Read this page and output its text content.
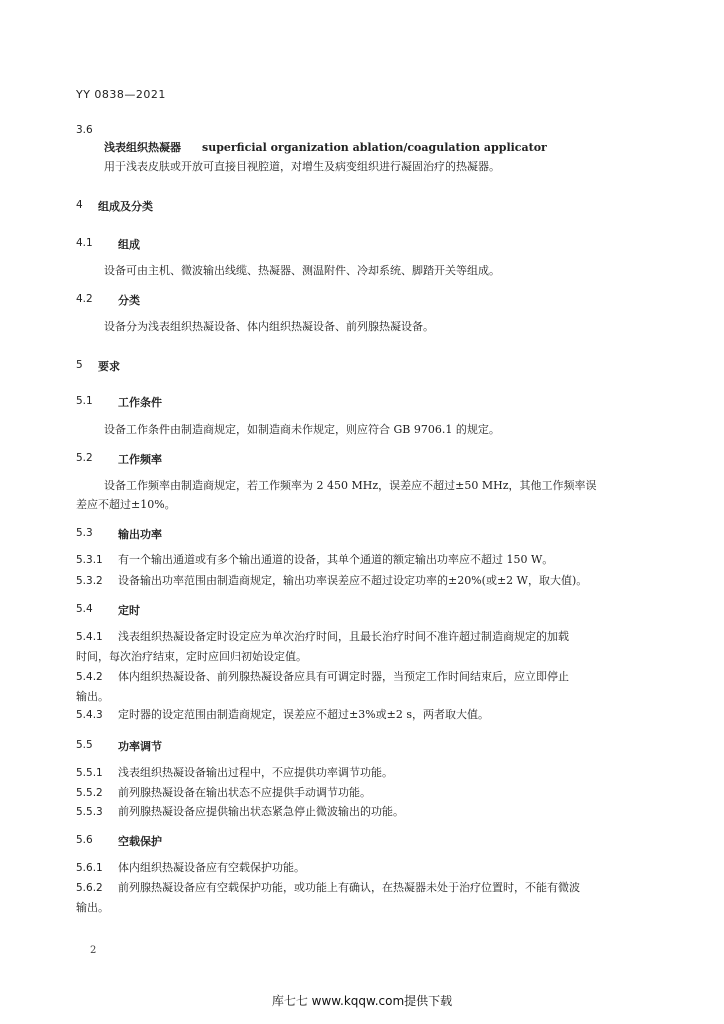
YY 0838—2021
3.6
浅表组织热凝器 superficial organization ablation/coagulation applicator
用于浅表皮肤或开放可直接目视腔道，对增生及病变组织进行凝固治疗的热凝器。
4 组成及分类
4.1 组成
设备可由主机、微波输出线缆、热凝器、测温附件、冷却系统、脚踏开关等组成。
4.2 分类
设备分为浅表组织热凝设备、体内组织热凝设备、前列腺热凝设备。
5 要求
5.1 工作条件
设备工作条件由制造商规定，如制造商未作规定，则应符合 GB 9706.1 的规定。
5.2 工作频率
设备工作频率由制造商规定，若工作频率为 2 450 MHz，误差应不超过±50 MHz，其他工作频率误
差应不超过±10%。
5.3 输出功率
5.3.1 有一个输出通道或有多个输出通道的设备，其单个通道的额定输出功率应不超过 150 W。
5.3.2 设备输出功率范围由制造商规定，输出功率误差应不超过设定功率的±20%(或±2 W，取大值)。
5.4 定时
5.4.1 浅表组织热凝设备定时设定应为单次治疗时间，且最长治疗时间不准许超过制造商规定的加载
时间，每次治疗结束，定时应回归初始设定值。
5.4.2 体内组织热凝设备、前列腺热凝设备应具有可调定时器，当预定工作时间结束后，应立即停止
输出。
5.4.3 定时器的设定范围由制造商规定，误差应不超过±3%或±2 s，两者取大值。
5.5 功率调节
5.5.1 浅表组织热凝设备输出过程中，不应提供功率调节功能。
5.5.2 前列腺热凝设备在输出状态不应提供手动调节功能。
5.5.3 前列腺热凝设备应提供输出状态紧急停止微波输出的功能。
5.6 空载保护
5.6.1 体内组织热凝设备应有空载保护功能。
5.6.2 前列腺热凝设备应有空载保护功能，或功能上有确认，在热凝器未处于治疗位置时，不能有微波
输出。
2
库七七 www.kqqw.com提供下载
